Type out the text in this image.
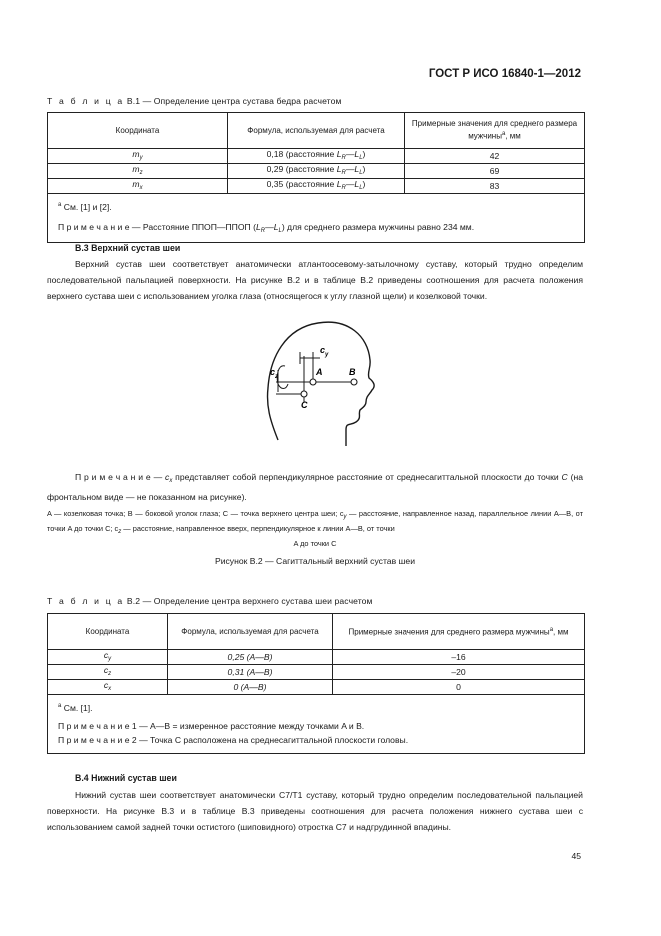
ГОСТ Р ИСО 16840-1—2012
Т а б л и ц а В.1 — Определение центра сустава бедра расчетом
Координата	Формула, используемая для расчета	Примерные значения для среднего размера мужчины$^а$, мм
$m_y$	0,18 (расстояние $L_R—L_L$)	42
$m_z$	0,29 (расстояние $L_R—L_L$)	69
$m_x$	0,35 (расстояние $L_R—L_L$)	83

$^а$ См. [1] и [2].
П р и м е ч а н и е — Расстояние ППОП—ППОП $(L_R—L_L)$ для среднего размера мужчины равно 234 мм.		
В.3 Верхний сустав шеи
Верхний сустав шеи соответствует анатомически атлантоосевому-затылочному суставу, который трудно определим последовательной пальпацией поверхности. На рисунке В.2 и в таблице В.2 приведены соотношения для расчета положения верхнего сустава шеи с использованием уголка глаза (относящегося к углу глазной щели) и козелковой точки.
$c_y$
$c_z$	A	B
C
П р и м е ч а н и е — $c_x$ представляет собой перпендикулярное расстояние от среднесагиттальной плоскости до точки C (на фронтальном виде — не показанном на рисунке).
A — козелковая точка; B — боковой уголок глаза; C — точка верхнего центра шеи; $c_y$ — расстояние, направленное назад, параллельное линии A—B, от точки A до точки C; $c_z$ — расстояние, направленное вверх, перпендикулярное к линии A—B, от точки
A до точки C
Рисунок В.2 — Сагиттальный верхний сустав шеи
Т а б л и ц а В.2 — Определение центра верхнего сустава шеи расчетом
Координата	Формула, используемая для расчета	Примерные значения для среднего размера мужчины$^а$, мм
$c_y$	0,25 (A—B)	–16
$c_z$	0,31 (A—B)	–20
$c_x$	0 (A—B)	0

$^а$ См. [1].
П р и м е ч а н и е 1 — A—B = измеренное расстояние между точками A и B.
П р и м е ч а н и е 2 — Точка C расположена на среднесагиттальной плоскости головы.		
В.4 Нижний сустав шеи
Нижний сустав шеи соответствует анатомически C7/T1 суставу, который трудно определим последовательной пальпацией поверхности. На рисунке В.3 и в таблице В.3 приведены соотношения для расчета положения нижнего сустава шеи с использованием самой задней точки остистого (шиповидного) отростка C7 и надгрудинной впадины.
45
